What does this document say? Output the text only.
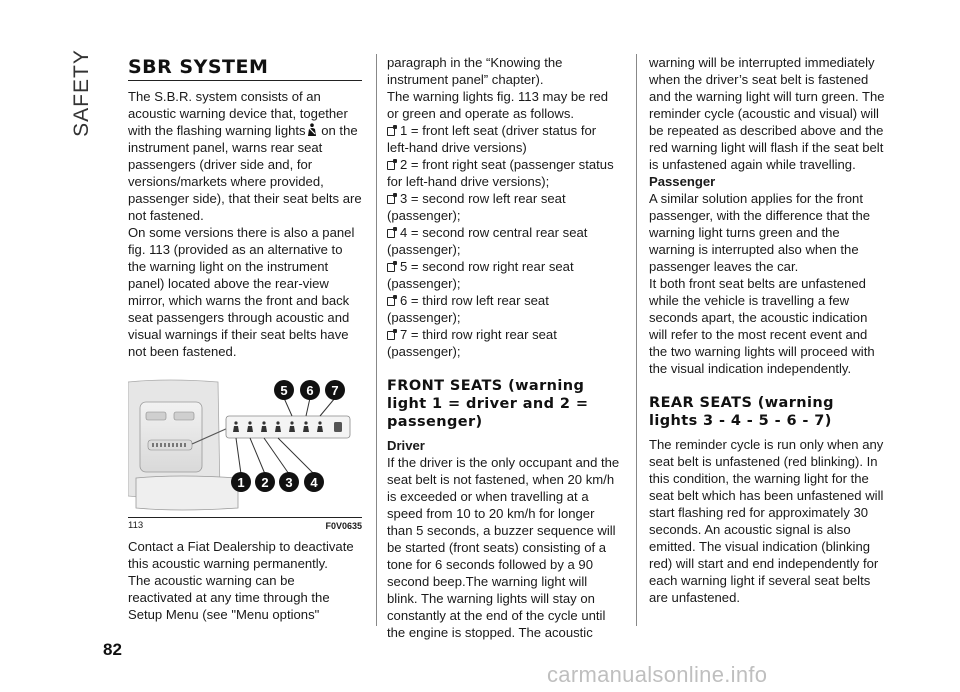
SAFETY SBR SYSTEM

The S.B.R. system consists of an acoustic warning device that, together with the flashing warning lights on the instrument panel, warns rear seat passengers (driver side and, for versions/markets where provided, passenger side), that their seat belts are not fastened.

On some versions there is also a panel fig. 113 (provided as an alternative to the warning light on the instrument panel) located above the rear-view mirror, which warns the front and back seat passengers through acoustic and visual warnings if their seat belts have not been fastened.

5 6 7
1 2 3 4
113	F0V0635

Contact a Fiat Dealership to deactivate this acoustic warning permanently.

The acoustic warning can be reactivated at any time through the Setup Menu (see "Menu options"

paragraph in the “Knowing the instrument panel” chapter).

The warning lights fig. 113 may be red or green and operate as follows.

1 = front left seat (driver status for left-hand drive versions)
2 = front right seat (passenger status for left-hand drive versions);
3 = second row left rear seat (passenger);
4 = second row central rear seat (passenger);
5 = second row right rear seat (passenger);
6 = third row left rear seat (passenger);
7 = third row right rear seat (passenger);
FRONT SEATS (warning light 1 = driver and 2 = passenger)
Driver

If the driver is the only occupant and the seat belt is not fastened, when 20 km/h is exceeded or when travelling at a speed from 10 to 20 km/h for longer than 5 seconds, a buzzer sequence will be started (front seats) consisting of a tone for 6 seconds followed by a 90 second beep.The warning light will blink. The warning lights will stay on constantly at the end of the cycle until the engine is stopped. The acoustic

warning will be interrupted immediately when the driver’s seat belt is fastened and the warning light will turn green. The reminder cycle (acoustic and visual) will be repeated as described above and the red warning light will flash if the seat belt is unfastened again while travelling.

Passenger

A similar solution applies for the front passenger, with the difference that the warning light turns green and the warning is interrupted also when the passenger leaves the car.

It both front seat belts are unfastened while the vehicle is travelling a few seconds apart, the acoustic indication will refer to the most recent event and the two warning lights will proceed with the visual indication independently.

REAR SEATS (warning lights 3 - 4 - 5 - 6 - 7)

The reminder cycle is run only when any seat belt is unfastened (red blinking). In this condition, the warning light for the seat belt which has been unfastened will start flashing red for approximately 30 seconds. An acoustic signal is also emitted. The visual indication (blinking red) will start and end independently for each warning light if several seat belts are unfastened.

82
carmanualsonline.info
